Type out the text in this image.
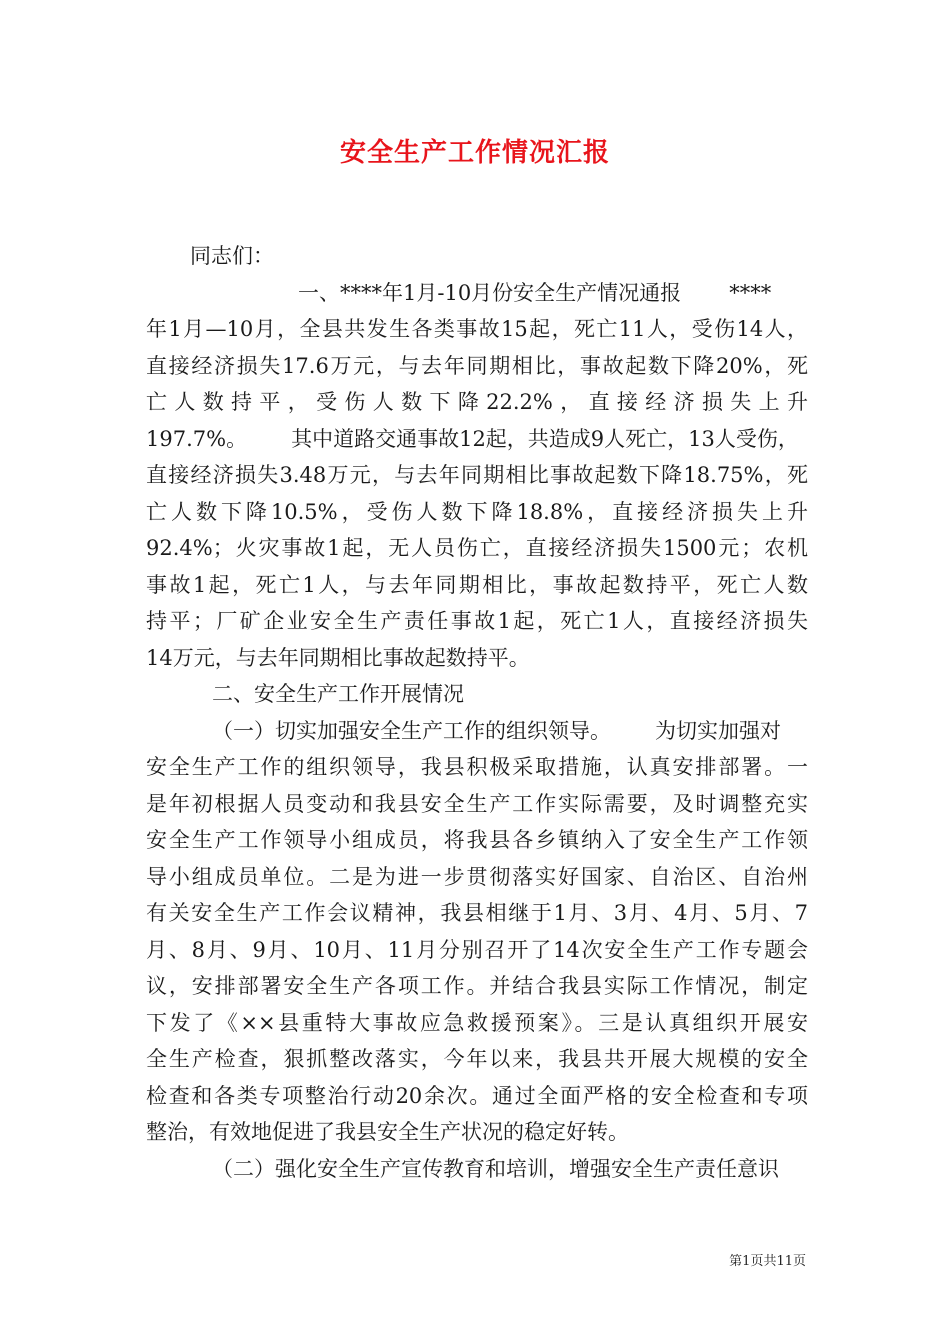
安全生产工作情况汇报
同志们：
一、****年1月-10月份安全生产情况通报 ****
年1月—10月，全县共发生各类事故15起，死亡11人，受伤14人，
直接经济损失17.6万元，与去年同期相比，事故起数下降20%，死
亡人数持平，受伤人数下降22.2%，直接经济损失上升
197.7%。 其中道路交通事故12起，共造成9人死亡，13人受伤，
直接经济损失3.48万元，与去年同期相比事故起数下降18.75%，死
亡人数下降10.5%，受伤人数下降18.8%，直接经济损失上升
92.4%；火灾事故1起，无人员伤亡，直接经济损失1500元；农机
事故1起，死亡1人，与去年同期相比，事故起数持平，死亡人数
持平；厂矿企业安全生产责任事故1起，死亡1人，直接经济损失
14万元，与去年同期相比事故起数持平。
二、安全生产工作开展情况
（一）切实加强安全生产工作的组织领导。 为切实加强对
安全生产工作的组织领导，我县积极采取措施，认真安排部署。一
是年初根据人员变动和我县安全生产工作实际需要，及时调整充实
安全生产工作领导小组成员，将我县各乡镇纳入了安全生产工作领
导小组成员单位。二是为进一步贯彻落实好国家、自治区、自治州
有关安全生产工作会议精神，我县相继于1月、3月、4月、5月、7
月、8月、9月、10月、11月分别召开了14次安全生产工作专题会
议，安排部署安全生产各项工作。并结合我县实际工作情况，制定
下发了《××县重特大事故应急救援预案》。三是认真组织开展安
全生产检查，狠抓整改落实，今年以来，我县共开展大规模的安全
检查和各类专项整治行动20余次。通过全面严格的安全检查和专项
整治，有效地促进了我县安全生产状况的稳定好转。
（二）强化安全生产宣传教育和培训，增强安全生产责任意识
第1页共11页
